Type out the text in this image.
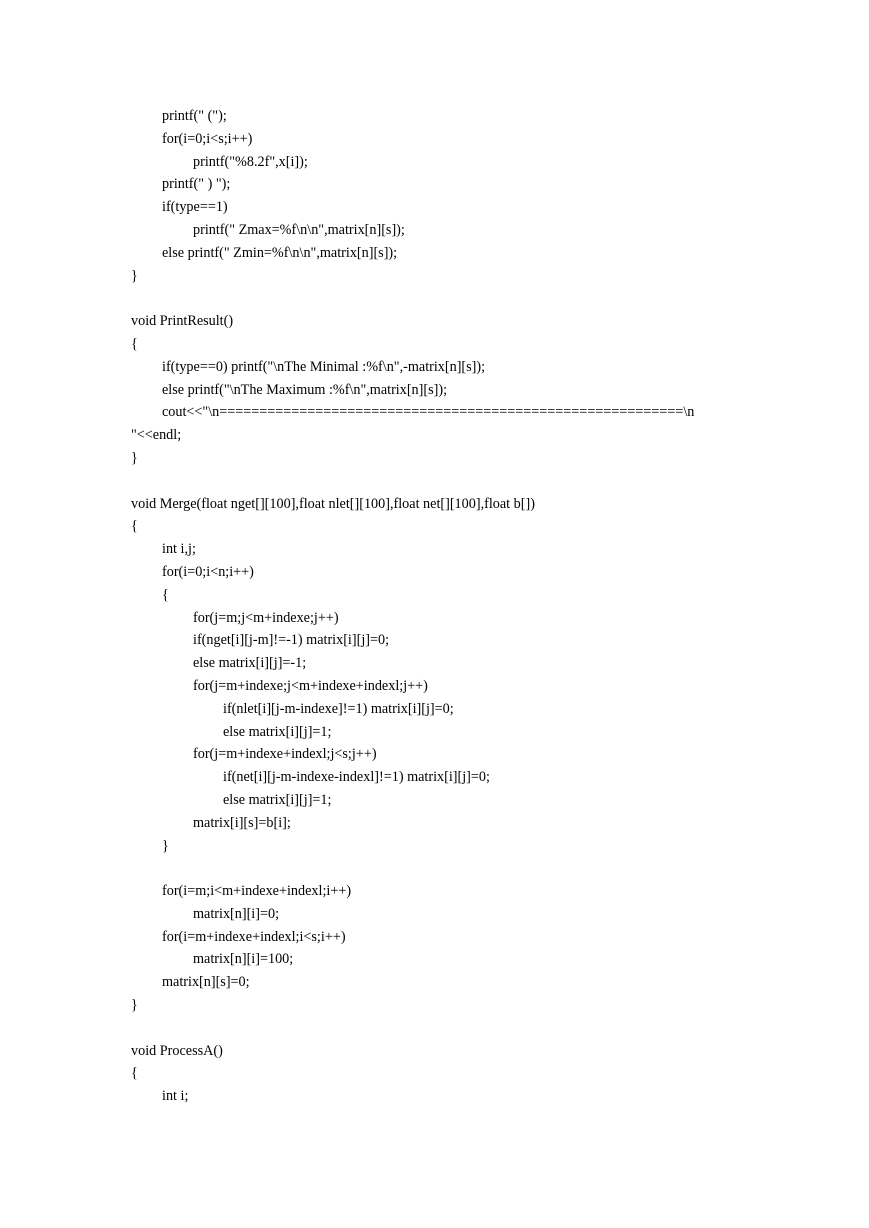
printf(" (");
for(i=0;i<s;i++)
printf("%8.2f",x[i]);
printf(" ) ");
if(type==1)
printf(" Zmax=%f\n\n",matrix[n][s]);
else printf(" Zmin=%f\n\n",matrix[n][s]);
}
void PrintResult()
{
if(type==0) printf("\nThe Minimal :%f\n",-matrix[n][s]);
else printf("\nThe Maximum :%f\n",matrix[n][s]);
cout<<"\n==========================================================\n
"<<endl;
}
void Merge(float nget[][100],float nlet[][100],float net[][100],float b[])
{
int i,j;
for(i=0;i<n;i++)
{
for(j=m;j<m+indexe;j++)
if(nget[i][j-m]!=-1) matrix[i][j]=0;
else matrix[i][j]=-1;
for(j=m+indexe;j<m+indexe+indexl;j++)
if(nlet[i][j-m-indexe]!=1) matrix[i][j]=0;
else matrix[i][j]=1;
for(j=m+indexe+indexl;j<s;j++)
if(net[i][j-m-indexe-indexl]!=1) matrix[i][j]=0;
else matrix[i][j]=1;
matrix[i][s]=b[i];
}
for(i=m;i<m+indexe+indexl;i++)
matrix[n][i]=0;
for(i=m+indexe+indexl;i<s;i++)
matrix[n][i]=100;
matrix[n][s]=0;
}
void ProcessA()
{
int i;
